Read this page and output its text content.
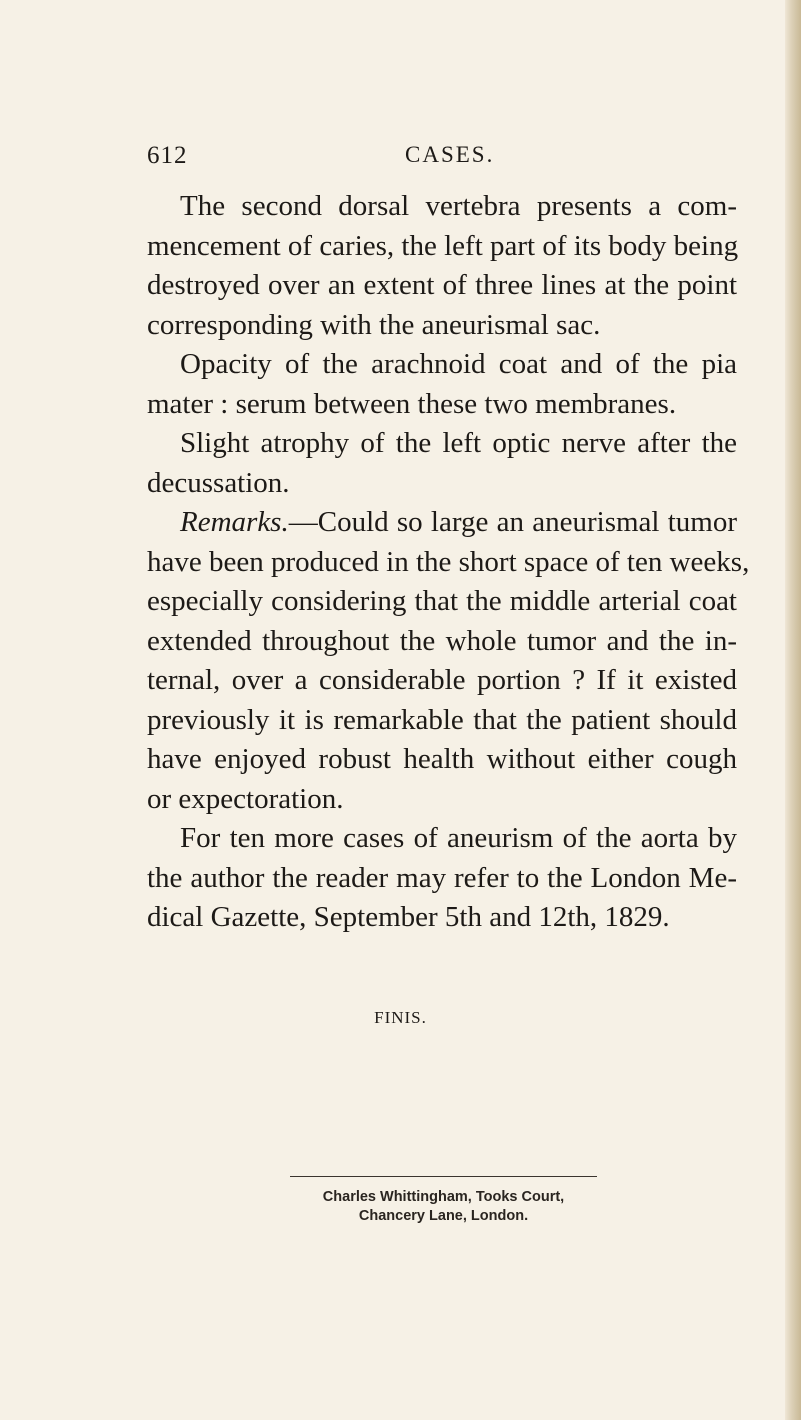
612	CASES.
The second dorsal vertebra presents a com-
mencement of caries, the left part of its body being
destroyed over an extent of three lines at the point
corresponding with the aneurismal sac.
Opacity of the arachnoid coat and of the pia
mater : serum between these two membranes.
Slight atrophy of the left optic nerve after the
decussation.
Remarks.—Could so large an aneurismal tumor
have been produced in the short space of ten weeks,
especially considering that the middle arterial coat
extended throughout the whole tumor and the in-
ternal, over a considerable portion ? If it existed
previously it is remarkable that the patient should
have enjoyed robust health without either cough
or expectoration.
For ten more cases of aneurism of the aorta by
the author the reader may refer to the London Me-
dical Gazette, September 5th and 12th, 1829.
FINIS.
Charles Whittingham, Tooks Court,
Chancery Lane, London.
